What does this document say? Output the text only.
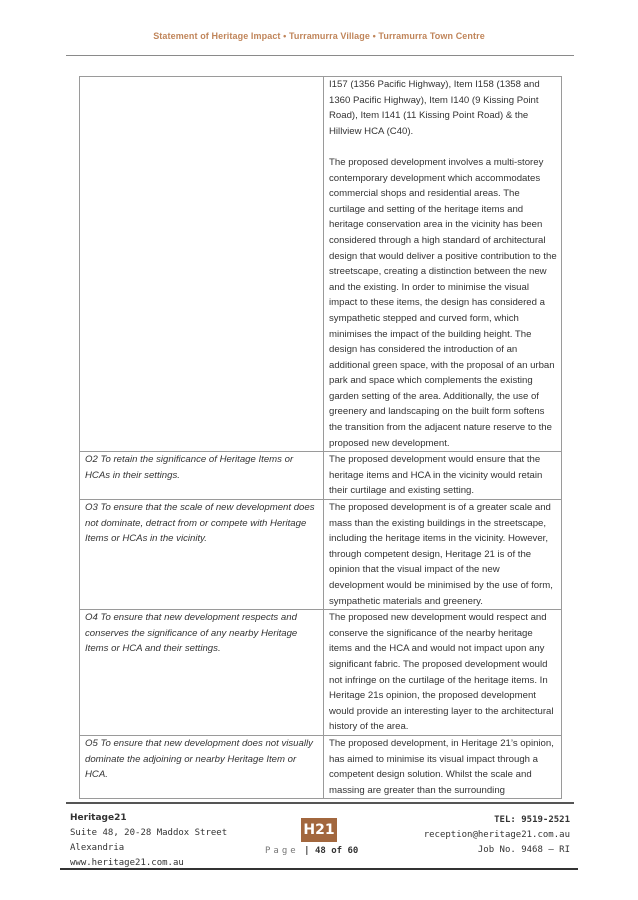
Statement of Heritage Impact • Turramurra Village • Turramurra Town Centre

	I157 (1356 Pacific Highway), Item I158 (1358 and 1360 Pacific Highway), Item I140 (9 Kissing Point Road), Item I141 (11 Kissing Point Road) & the Hillview HCA (C40).
The proposed development involves a multi-storey contemporary development which accommodates commercial shops and residential areas. The curtilage and setting of the heritage items and heritage conservation area in the vicinity has been considered through a high standard of architectural design that would deliver a positive contribution to the streetscape, creating a distinction between the new and the existing. In order to minimise the visual impact to these items, the design has considered a sympathetic stepped and curved form, which minimises the impact of the building height. The design has considered the introduction of an additional green space, with the proposal of an urban park and space which complements the existing garden setting of the area. Additionally, the use of greenery and landscaping on the built form softens the transition from the adjacent nature reserve to the proposed new development.

O2 To retain the significance of Heritage Items or HCAs in their settings.	The proposed development would ensure that the heritage items and HCA in the vicinity would retain their curtilage and existing setting.

O3 To ensure that the scale of new development does not dominate, detract from or compete with Heritage Items or HCAs in the vicinity.	The proposed development is of a greater scale and mass than the existing buildings in the streetscape, including the heritage items in the vicinity. However, through competent design, Heritage 21 is of the opinion that the visual impact of the new development would be minimised by the use of form, sympathetic materials and greenery.

O4 To ensure that new development respects and conserves the significance of any nearby Heritage Items or HCA and their settings.	The proposed new development would respect and conserve the significance of the nearby heritage items and the HCA and would not impact upon any significant fabric. The proposed development would not infringe on the curtilage of the heritage items. In Heritage 21s opinion, the proposed development would provide an interesting layer to the architectural history of the area.

O5 To ensure that new development does not visually dominate the adjoining or nearby Heritage Item or HCA.	The proposed development, in Heritage 21’s opinion, has aimed to minimise its visual impact through a competent design solution. Whilst the scale and massing are greater than the surrounding
Heritage21
Suite 48, 20-28 Maddox Street
Alexandria
www.heritage21.com.au
H21
Page | 48 of 60
TEL: 9519-2521
reception@heritage21.com.au
Job No. 9468 – RI
